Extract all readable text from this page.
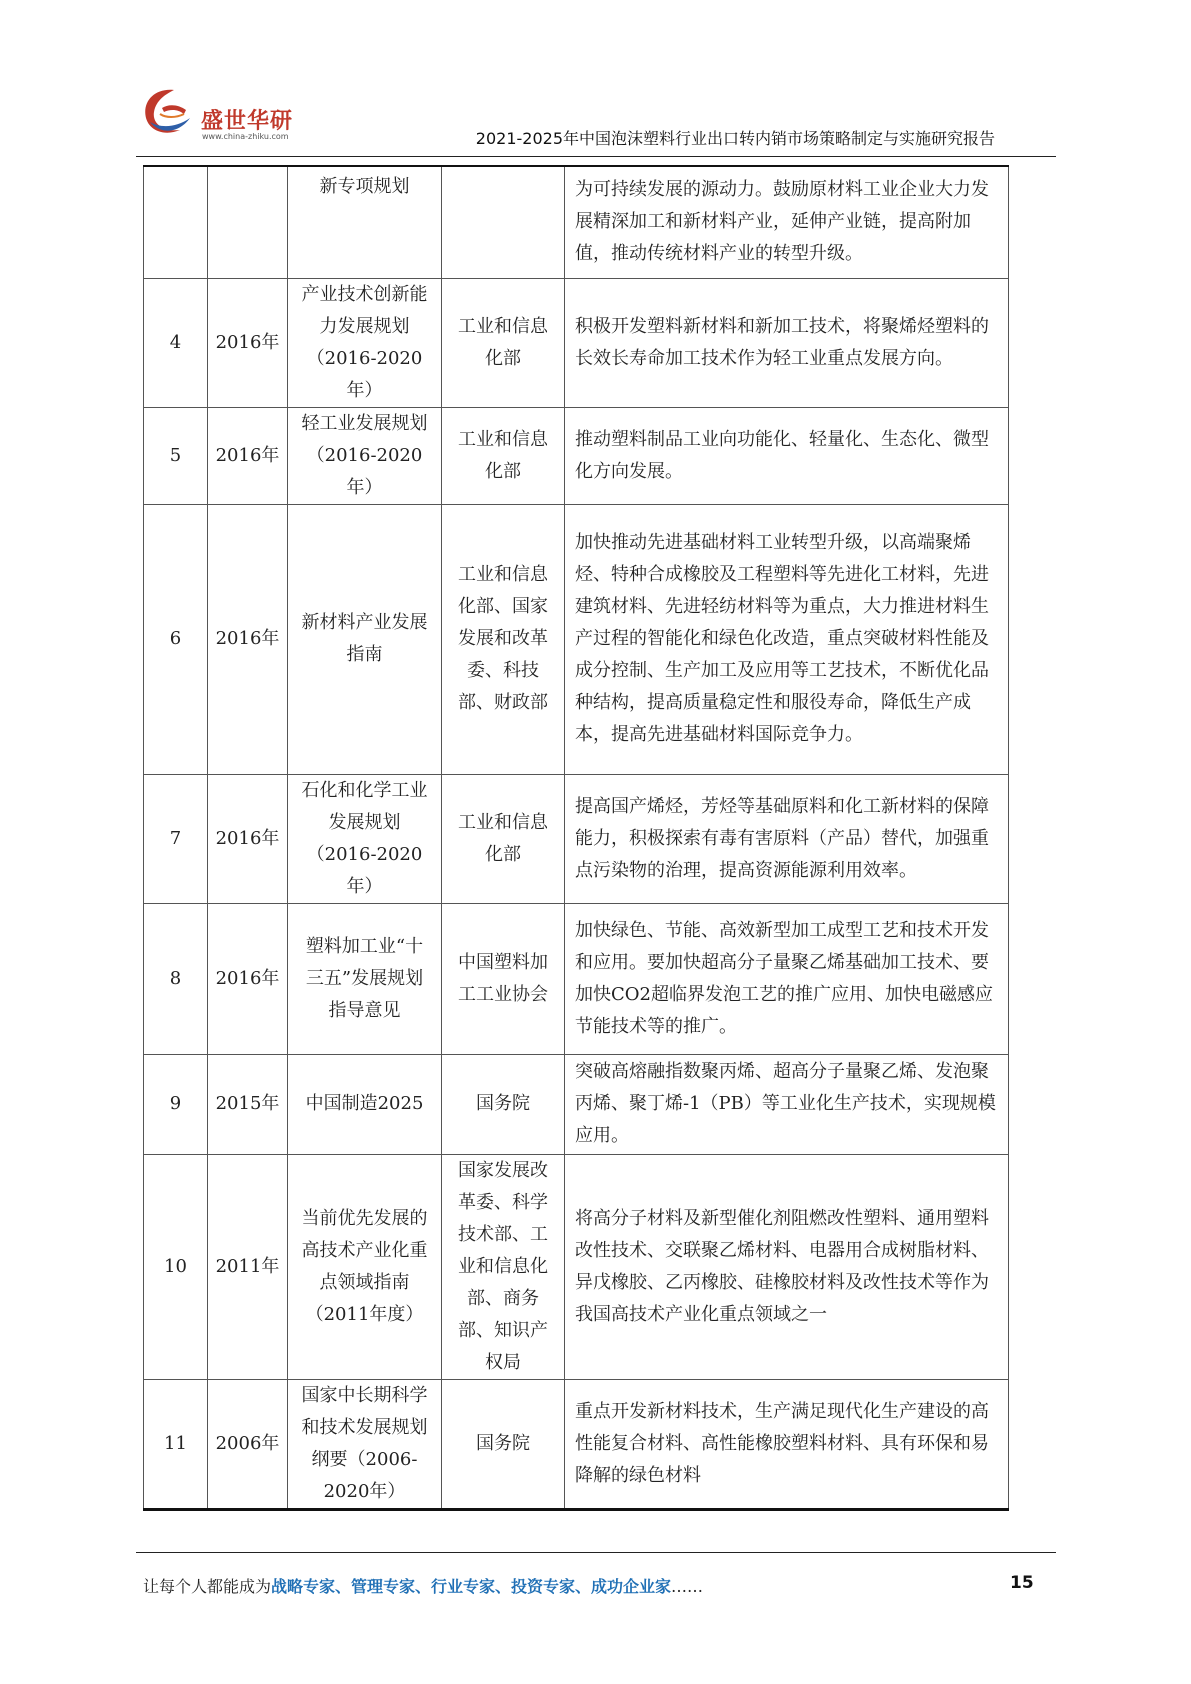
盛世华研
www.china-zhiku.com	2021-2025年中国泡沫塑料行业出口转内销市场策略制定与实施研究报告
		新专项规划		为可持续发展的源动力。鼓励原材料工业企业大力发展精深加工和新材料产业，延伸产业链，提高附加值，推动传统材料产业的转型升级。
4	2016年	产业技术创新能力发展规划（2016-2020年）	工业和信息化部	积极开发塑料新材料和新加工技术，将聚烯烃塑料的长效长寿命加工技术作为轻工业重点发展方向。
5	2016年	轻工业发展规划（2016-2020年）	工业和信息化部	推动塑料制品工业向功能化、轻量化、生态化、微型化方向发展。
6	2016年	新材料产业发展指南	工业和信息化部、国家发展和改革委、科技部、财政部	加快推动先进基础材料工业转型升级，以高端聚烯烃、特种合成橡胶及工程塑料等先进化工材料，先进建筑材料、先进轻纺材料等为重点，大力推进材料生产过程的智能化和绿色化改造，重点突破材料性能及成分控制、生产加工及应用等工艺技术，不断优化品种结构，提高质量稳定性和服役寿命，降低生产成本，提高先进基础材料国际竞争力。
7	2016年	石化和化学工业发展规划（2016-2020年）	工业和信息化部	提高国产烯烃，芳烃等基础原料和化工新材料的保障能力，积极探索有毒有害原料（产品）替代，加强重点污染物的治理，提高资源能源利用效率。
8	2016年	塑料加工业“十三五”发展规划指导意见	中国塑料加工工业协会	加快绿色、节能、高效新型加工成型工艺和技术开发和应用。要加快超高分子量聚乙烯基础加工技术、要加快CO2超临界发泡工艺的推广应用、加快电磁感应节能技术等的推广。
9	2015年	中国制造2025	国务院	突破高熔融指数聚丙烯、超高分子量聚乙烯、发泡聚丙烯、聚丁烯-1（PB）等工业化生产技术，实现规模应用。
10	2011年	当前优先发展的高技术产业化重点领域指南（2011年度）	国家发展改革委、科学技术部、工业和信息化部、商务部、知识产权局	将高分子材料及新型催化剂阻燃改性塑料、通用塑料改性技术、交联聚乙烯材料、电器用合成树脂材料、异戊橡胶、乙丙橡胶、硅橡胶材料及改性技术等作为我国高技术产业化重点领域之一
11	2006年	国家中长期科学和技术发展规划纲要（2006-2020年）	国务院	重点开发新材料技术，生产满足现代化生产建设的高性能复合材料、高性能橡胶塑料材料、具有环保和易降解的绿色材料
让每个人都能成为战略专家、管理专家、行业专家、投资专家、成功企业家……	15
